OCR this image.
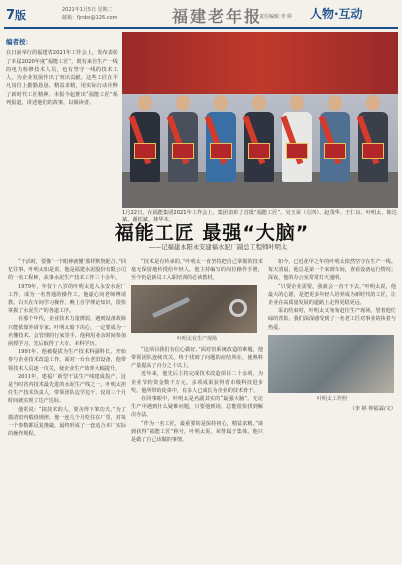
7版	2021年1月5日 星期二
邮箱：fjrsbs@126.com	福建老年报
责任编辑 李 婷 人物·互动
编者按：
在日前举行的福建省2021年工作会上，发布表彰了本届2020年度“福能工匠”，既有来自生产一线的电力检修技术人员，也有坚守一线的技术工人，为企业发展作出了突出贡献。这些工匠在平凡岗位上勤勤恳恳、精益求精，用实际行动诠释了新时代工匠精神。本报今起推出“福能工匠”系列报道，讲述他们的故事，以飨读者。
1月22日，在福能集团2021年工作会上，集团表彰了首批“福能工匠”，吴玉荣（左四）、赵茂华、王仁良、叶明太、陈达斌、谢松斌、林华木。
福能工匠 最强“大脑”
——记福建永阳永安建福水泥厂副总工程师叶明太

“干活时，要像‘一个眼神就懂’那样默契配合。”回忆往事，叶明太如是说。他是福建水泥股份有限公司的一名工程师，从事水泥生产技术工作三十余年。

1979年，年仅十八岁的叶明太进入永安水泥厂工作，成为一名普通的操作工。他虚心向老师傅请教，白天在车间学习操作，晚上自学理论知识，很快掌握了水泥生产的各道工序。

在那个年代，企业技术力量薄弱，遇到设备故障只能依靠外请专家。叶明太暗下决心，一定要成为一名懂技术、会管理的行家里手。他利用业余时间参加函授学习，先后取得了大专、本科学历。

1991年，他被提拔为生产技术科副科长，开始参与企业技术改造工作。面对一台台老旧设备，他带领技术人员逐一攻关，使企业生产效率大幅提升。

2011年，建福厂新型干法生产线建成投产，这是当时省内技术最先进的水泥生产线之一。叶明太担任生产技术负责人，带领团队边学边干，仅用三个月时间就实现了达产达标。

他常说：“搞技术的人，要舍得下笨功夫。”为了摸清窑内煅烧规律，他一连几个月吃住在厂里，对每一个参数都反复推敲，最终形成了一套适合本厂实际的操作规程。

“技术是有传承的。”叶明太一直坚持把自己掌握的技术毫无保留地传授给年轻人。他主持编写的岗位操作手册，至今仍是新员工入职培训的必读教材。

叶明太在生产现场

“这项目我们有信心做好。”面对窑系统改造的难题，他带领团队连续攻关，终于找到了问题的症结所在，使熟料产量提高了百分之十以上。

近年来，他先后主持完成技术改造项目二十余项，为企业节约资金数千万元，多项成果获得省市级科技进步奖。他所带的徒弟中，有多人已成长为企业的技术骨干。

在同事眼中，叶明太是名副其实的“最强大脑”。无论生产中遇到什么疑难问题，只要他到场，总能很快找到解决办法。

“作为一名工匠，最重要的是保持初心，精益求精。”谈到获得“福能工匠”称号，叶明太说，荣誉属于集体，他只是做了自己该做的事情。

如今，已近花甲之年的叶明太依然坚守在生产一线。每天清晨，他总是第一个来到车间，查看设备运行情况；深夜，他的办公室常常灯火通明。

“只要企业需要，我就会一直干下去。”叶明太说，他最大的心愿，是把更多年轻人培养成为新时代的工匠，让企业在高质量发展的道路上走得更稳更远。

采访结束时，叶明太又匆匆赶往生产现场。望着他忙碌的背影，我们深深感受到了一名老工匠对事业的执着与热爱。

叶明太工作照
（李 婷 钟福霖/文）
